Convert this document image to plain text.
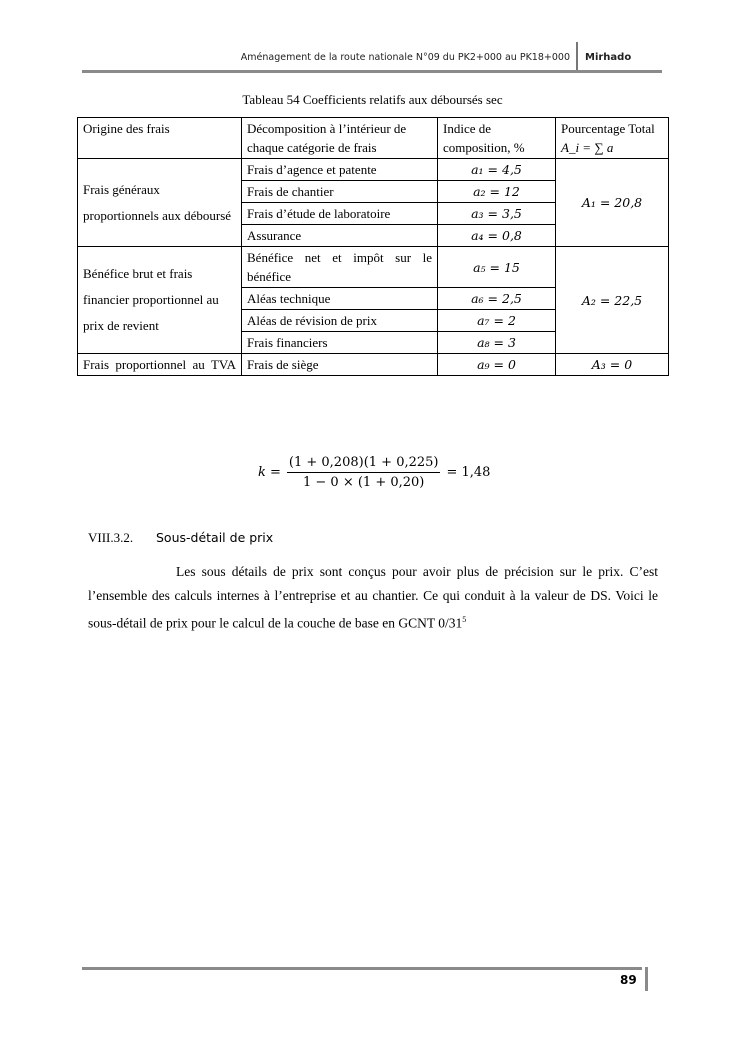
Aménagement de la route nationale N°09 du PK2+000 au PK18+000 Mirhado
Tableau 54 Coefficients relatifs aux déboursés sec
Origine des frais	Décomposition à l’intérieur de chaque catégorie de frais	Indice de composition, %	Pourcentage Total A_i = ∑ a
Frais généraux proportionnels aux déboursé	Frais d’agence et patente	a₁ = 4,5	A₁ = 20,8
	Frais de chantier	a₂ = 12	
	Frais d’étude de laboratoire	a₃ = 3,5	
	Assurance	a₄ = 0,8	
Bénéfice brut et frais financier proportionnel au prix de revient	Bénéfice net et impôt sur le bénéfice	a₅ = 15	A₂ = 22,5
	Aléas technique	a₆ = 2,5	
	Aléas de révision de prix	a₇ = 2	
	Frais financiers	a₈ = 3	
Frais proportionnel au TVA	Frais de siège	a₉ = 0	A₃ = 0
$k = \frac{(1 + 0,208)(1 + 0,225)}{1 - 0 \times (1 + 0,20)} = 1,48$
VIII.3.2. Sous-détail de prix

Les sous détails de prix sont conçus pour avoir plus de précision sur le prix. C’est l’ensemble des calculs internes à l’entreprise et au chantier. Ce qui conduit à la valeur de DS. Voici le sous-détail de prix pour le calcul de la couche de base en GCNT $0/31^5$

89
